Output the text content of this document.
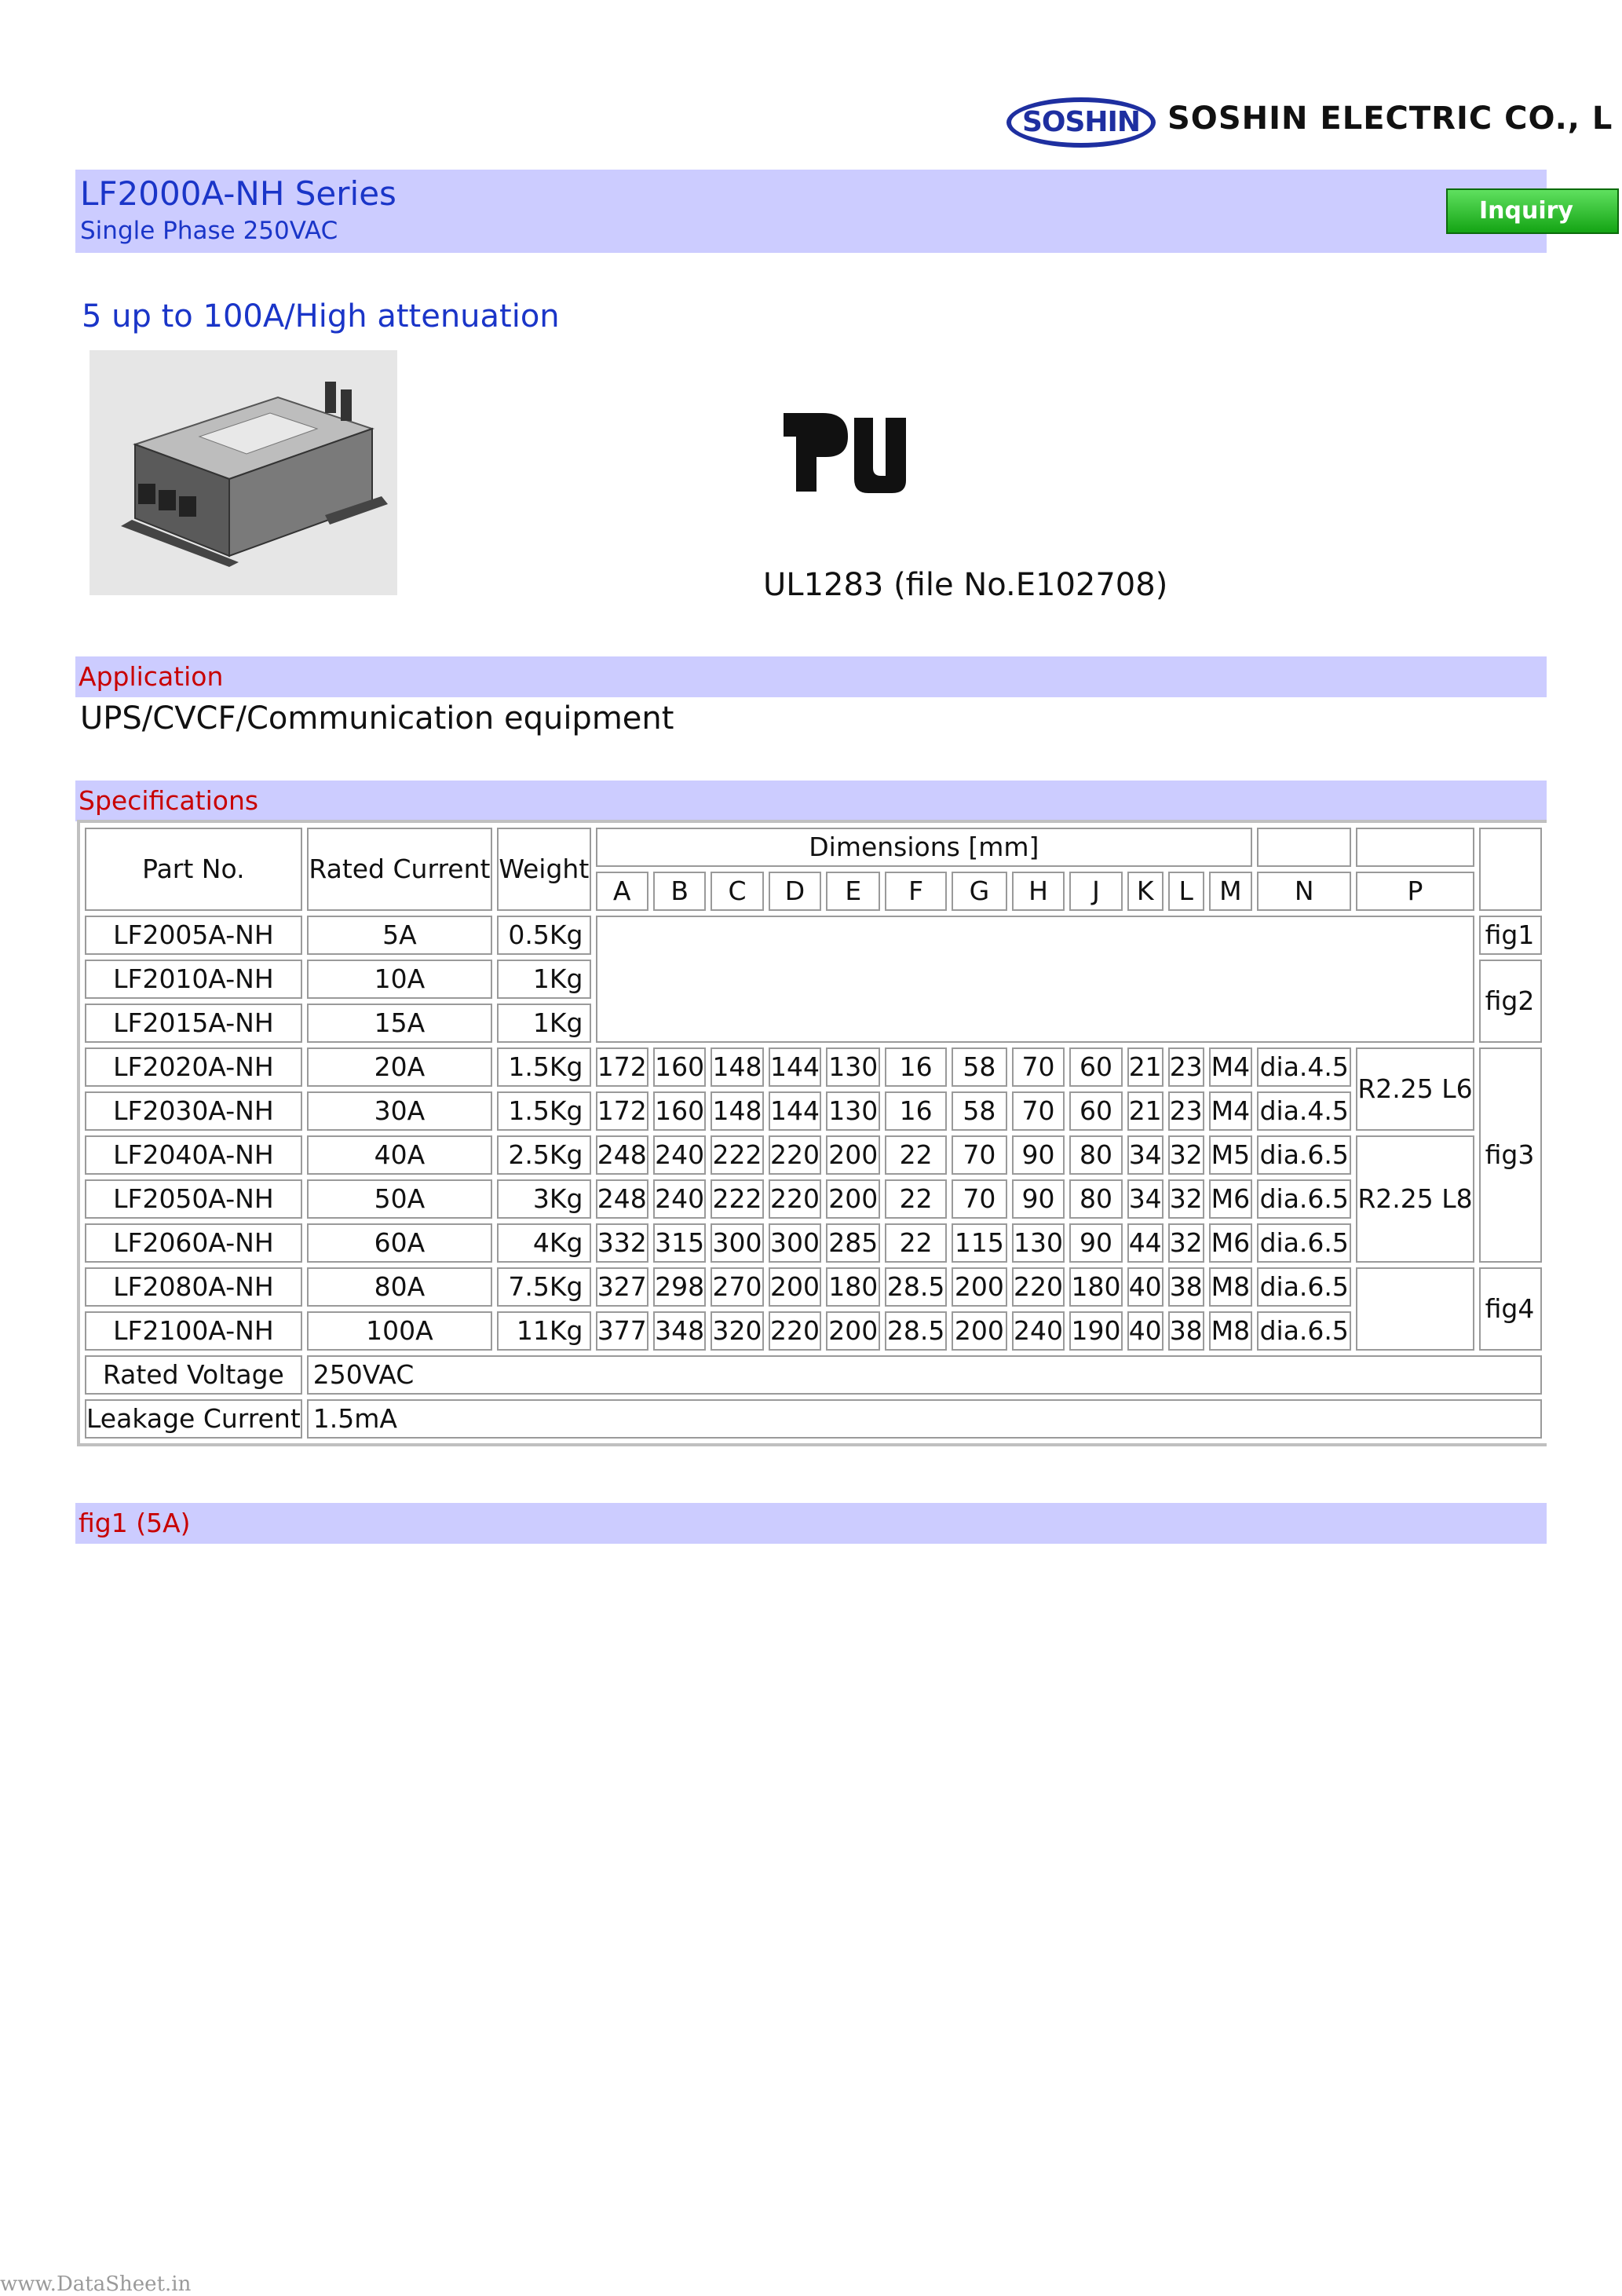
SOSHIN SOSHIN ELECTRIC CO., L
LF2000A-NH Series
Single Phase 250VAC
Inquiry
5 up to 100A/High attenuation
UL1283 (file No.E102708)
Application
UPS/CVCF/Communication equipment
Specifications
Part No.	Rated Current	Weight	Dimensions [mm]														
			A	B	C	D	E	F	G	H	J	K	L	M	N	P	
LF2005A-NH	5A	0.5Kg															fig1
LF2010A-NH	10A	1Kg															fig2
LF2015A-NH	15A	1Kg															
LF2020A-NH	20A	1.5Kg	172	160	148	144	130	16	58	70	60	21	23	M4	dia.4.5	R2.25 L6	fig3
LF2030A-NH	30A	1.5Kg	172	160	148	144	130	16	58	70	60	21	23	M4	dia.4.5		
LF2040A-NH	40A	2.5Kg	248	240	222	220	200	22	70	90	80	34	32	M5	dia.6.5	R2.25 L8	
LF2050A-NH	50A	3Kg	248	240	222	220	200	22	70	90	80	34	32	M6	dia.6.5		
LF2060A-NH	60A	4Kg	332	315	300	300	285	22	115	130	90	44	32	M6	dia.6.5		
LF2080A-NH	80A	7.5Kg	327	298	270	200	180	28.5	200	220	180	40	38	M8	dia.6.5		fig4
LF2100A-NH	100A	11Kg	377	348	320	220	200	28.5	200	240	190	40	38	M8	dia.6.5		
Rated Voltage	250VAC																
Leakage Current	1.5mA																
fig1 (5A)
www.DataSheet.in
